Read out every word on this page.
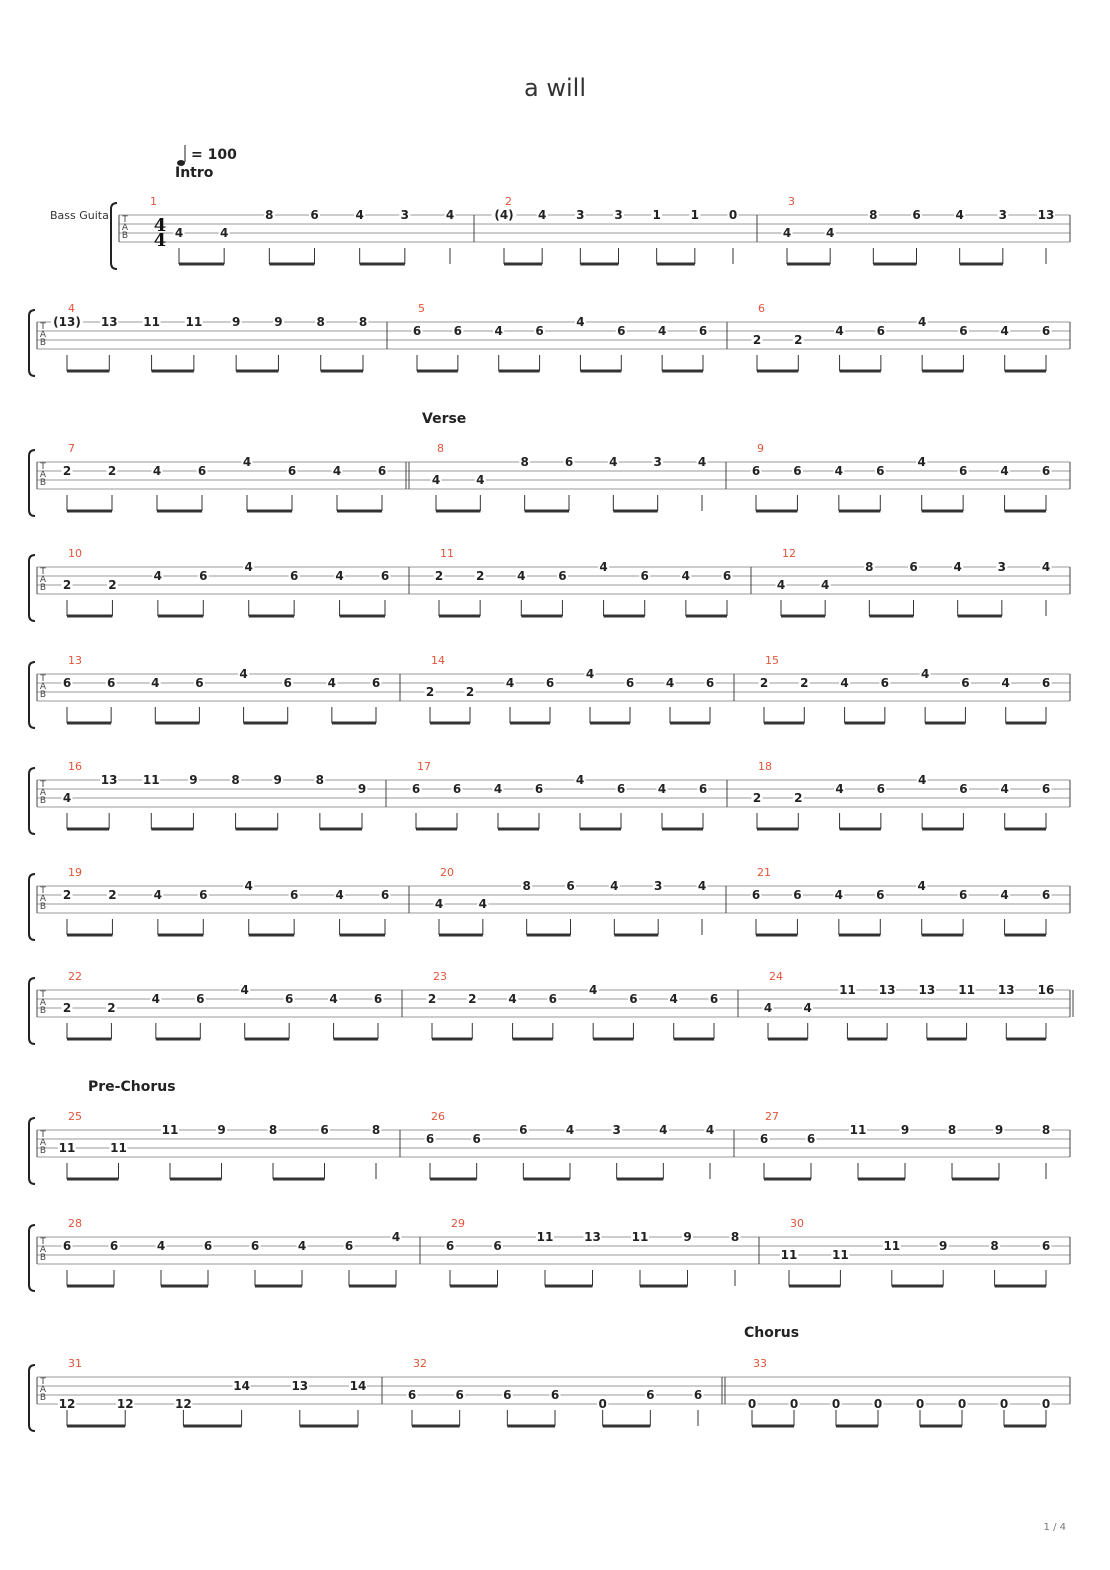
a will
= 100
Bass Guita T
A
B 4
4
1
4	4
8	6	4	3	4
2
(4) 4 3 3 1 1 0
3
4	4
8	6	4	3	13
T
A
B
4
(13) 13 11 11 9	9	8	8
5
6	6	4	6
4
6	4	6
6
2	2
4	6
4
6	4	6
T
A
B
7
2	2	4	6
4
6	4	6
8
4	4
8	6	4	3	4
9
6	6	4	6
4
6	4	6
T
A
B
10
2	2
4	6
4
6	4	6
11
2	2	4	6
4
6	4	6
12
4	4
8	6	4	3	4
T
A
B
13
6	6	4	6
4
6	4	6
14
2	2
4	6
4
6	4	6
15
2	2	4	6
4
6	4	6
T
A
B
16
4
13 11 9	8	9	8
9
17
6	6	4	6
4
6	4	6
18
2	2
4	6
4
6	4	6
T
A
B
19
2	2	4	6
4
6	4	6
20
4	4
8	6	4	3	4
21
6	6	4	6
4
6	4	6
T
A
B
22
2	2
4	6
4
6	4	6
23
2	2	4	6
4
6	4	6
24
4	4
11 13 13 11 13 16
T
A
B
25
11	11
11	9	8	6	8
26
6	6
6	4	3	4	4
27
6	6
11	9	8	9	8
T
A
B
28
6	6	4	6	6	4	6
4
29
6	6
11	13	11	9	8
30
11	11
11	9	8	6
T
A
B
31
12	12	12
14	13	14
32
6	6	6	6
0
6	6
33
0	0	0	0	0	0	0	0
Intro
Verse
Pre-Chorus
Chorus
1 / 4
